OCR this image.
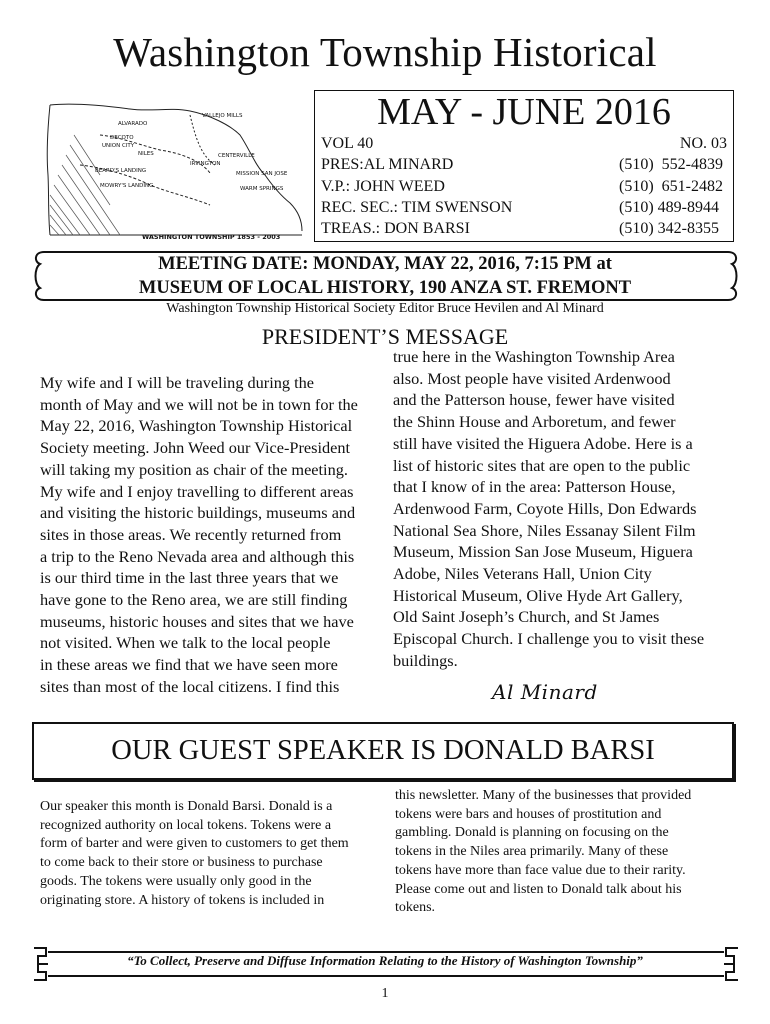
Washington Township Historical
ALVARADO
VALLEJO MILLS
DECOTO
UNION CITY
CENTERVILLE
NILES
IRVINGTON
BEARD'S LANDING	MISSION SAN JOSE
WARM SPRINGS
MOWRY'S LANDING
WASHINGTON TOWNSHIP 1853 - 2003
MAY - JUNE 2016
VOL 40	NO. 03
PRES:AL MINARD	(510)  552-4839
V.P.: JOHN WEED	(510)  651-2482
REC. SEC.: TIM SWENSON	(510) 489-8944
TREAS.: DON BARSI	(510) 342-8355
MEETING DATE: MONDAY, MAY 22, 2016, 7:15 PM at
MUSEUM OF LOCAL HISTORY, 190 ANZA ST. FREMONT
Washington Township Historical Society Editor Bruce Hevilen and Al Minard
PRESIDENT’S MESSAGE
My wife and I will be traveling during the
month of May and we will not be in town for the
May 22, 2016, Washington Township Historical
Society meeting. John Weed our Vice-President
will taking my position as chair of the meeting.
My wife and I enjoy travelling to different areas
and visiting the historic buildings, museums and
sites in those areas. We recently returned from
a trip to the Reno Nevada area and although this
is our third time in the last three years that we
have gone to the Reno area, we are still finding
museums, historic houses and sites that we have
not visited. When we talk to the local people
in these areas we find that we have seen more
sites than most of the local citizens. I find this
true here in the Washington Township Area
also. Most people have visited Ardenwood
and the Patterson house, fewer have visited
the Shinn House and Arboretum, and fewer
still have visited the Higuera Adobe. Here is a
list of historic sites that are open to the public
that I know of in the area: Patterson House,
Ardenwood Farm, Coyote Hills, Don Edwards
National Sea Shore, Niles Essanay Silent Film
Museum, Mission San Jose Museum, Higuera
Adobe, Niles Veterans Hall, Union City
Historical Museum, Olive Hyde Art Gallery,
Old Saint Joseph’s Church, and St James
Episcopal Church. I challenge you to visit these
buildings.
Al Minard
OUR GUEST SPEAKER IS DONALD BARSI
Our speaker this month is Donald Barsi. Donald is a
recognized authority on local tokens. Tokens were a
form of barter and were given to customers to get them
to come back to their store or business to purchase
goods. The tokens were usually only good in the
originating store. A history of tokens is included in
this newsletter. Many of the businesses that provided
tokens were bars and houses of prostitution and
gambling. Donald is planning on focusing on the
tokens in the Niles area primarily. Many of these
tokens have more than face value due to their rarity.
Please come out and listen to Donald talk about his
tokens.
“To Collect, Preserve and Diffuse Information Relating to the History of Washington Township”
1
